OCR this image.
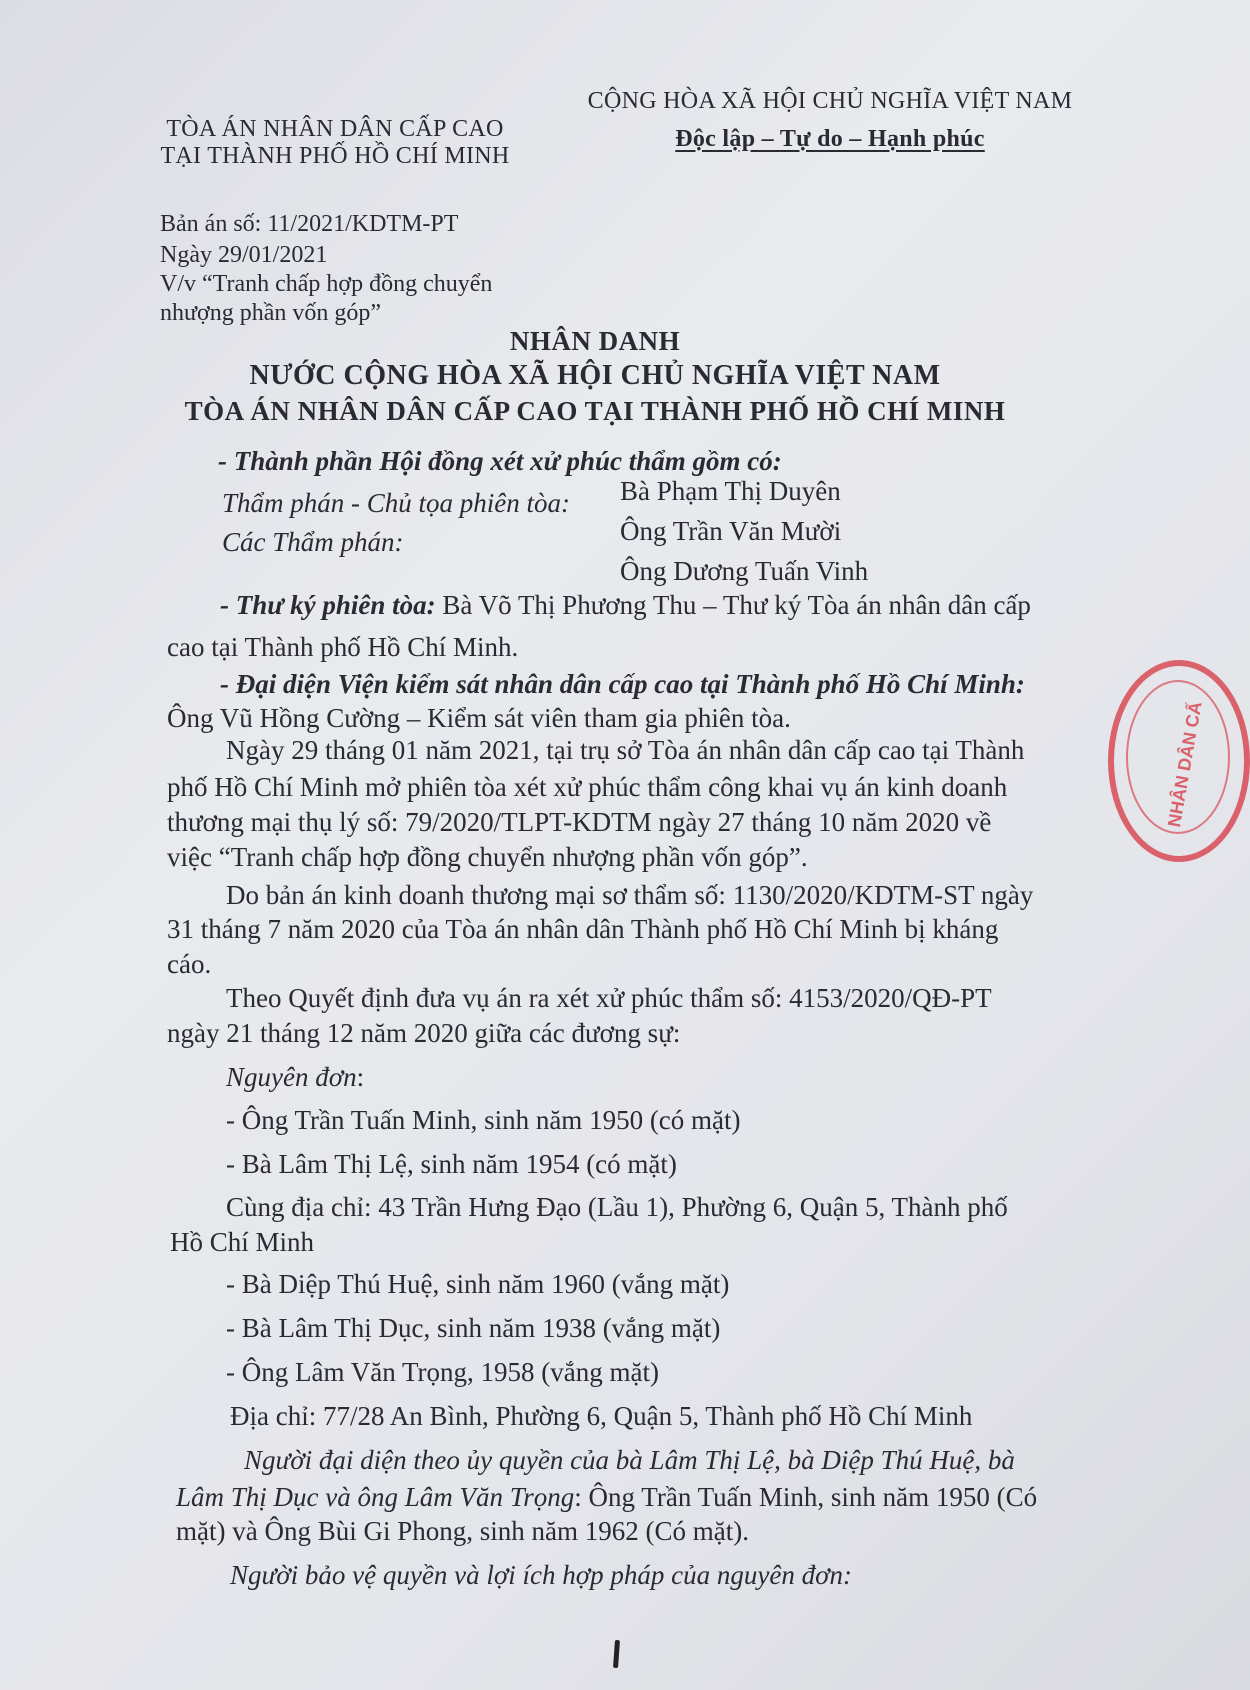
TÒA ÁN NHÂN DÂN CẤP CAO
TẠI THÀNH PHỐ HỒ CHÍ MINH
CỘNG HÒA XÃ HỘI CHỦ NGHĨA VIỆT NAM
Độc lập – Tự do – Hạnh phúc
Bản án số: 11/2021/KDTM-PT
Ngày 29/01/2021
V/v “Tranh chấp hợp đồng chuyển
nhượng phần vốn góp”
NHÂN DANH
NƯỚC CỘNG HÒA XÃ HỘI CHỦ NGHĨA VIỆT NAM
TÒA ÁN NHÂN DÂN CẤP CAO TẠI THÀNH PHỐ HỒ CHÍ MINH
- Thành phần Hội đồng xét xử phúc thẩm gồm có:
Thẩm phán - Chủ tọa phiên tòa: Bà Phạm Thị Duyên
Các Thẩm phán:	Ông Trần Văn Mười
Ông Dương Tuấn Vinh
- Thư ký phiên tòa: Bà Võ Thị Phương Thu – Thư ký Tòa án nhân dân cấp
cao tại Thành phố Hồ Chí Minh.
- Đại diện Viện kiểm sát nhân dân cấp cao tại Thành phố Hồ Chí Minh:
Ông Vũ Hồng Cường – Kiểm sát viên tham gia phiên tòa.
Ngày 29 tháng 01 năm 2021, tại trụ sở Tòa án nhân dân cấp cao tại Thành
phố Hồ Chí Minh mở phiên tòa xét xử phúc thẩm công khai vụ án kinh doanh
thương mại thụ lý số: 79/2020/TLPT-KDTM ngày 27 tháng 10 năm 2020 về
việc “Tranh chấp hợp đồng chuyển nhượng phần vốn góp”.
Do bản án kinh doanh thương mại sơ thẩm số: 1130/2020/KDTM-ST ngày
31 tháng 7 năm 2020 của Tòa án nhân dân Thành phố Hồ Chí Minh bị kháng
cáo.
Theo Quyết định đưa vụ án ra xét xử phúc thẩm số: 4153/2020/QĐ-PT
ngày 21 tháng 12 năm 2020 giữa các đương sự:
Nguyên đơn:
- Ông Trần Tuấn Minh, sinh năm 1950 (có mặt)
- Bà Lâm Thị Lệ, sinh năm 1954 (có mặt)
Cùng địa chỉ: 43 Trần Hưng Đạo (Lầu 1), Phường 6, Quận 5, Thành phố
Hồ Chí Minh
- Bà Diệp Thú Huệ, sinh năm 1960 (vắng mặt)
- Bà Lâm Thị Dục, sinh năm 1938 (vắng mặt)
- Ông Lâm Văn Trọng, 1958 (vắng mặt)
Địa chỉ: 77/28 An Bình, Phường 6, Quận 5, Thành phố Hồ Chí Minh
Người đại diện theo ủy quyền của bà Lâm Thị Lệ, bà Diệp Thú Huệ, bà
Lâm Thị Dục và ông Lâm Văn Trọng: Ông Trần Tuấn Minh, sinh năm 1950 (Có
mặt) và Ông Bùi Gi Phong, sinh năm 1962 (Có mặt).
Người bảo vệ quyền và lợi ích hợp pháp của nguyên đơn:
NHÂN DÂN CẤ
